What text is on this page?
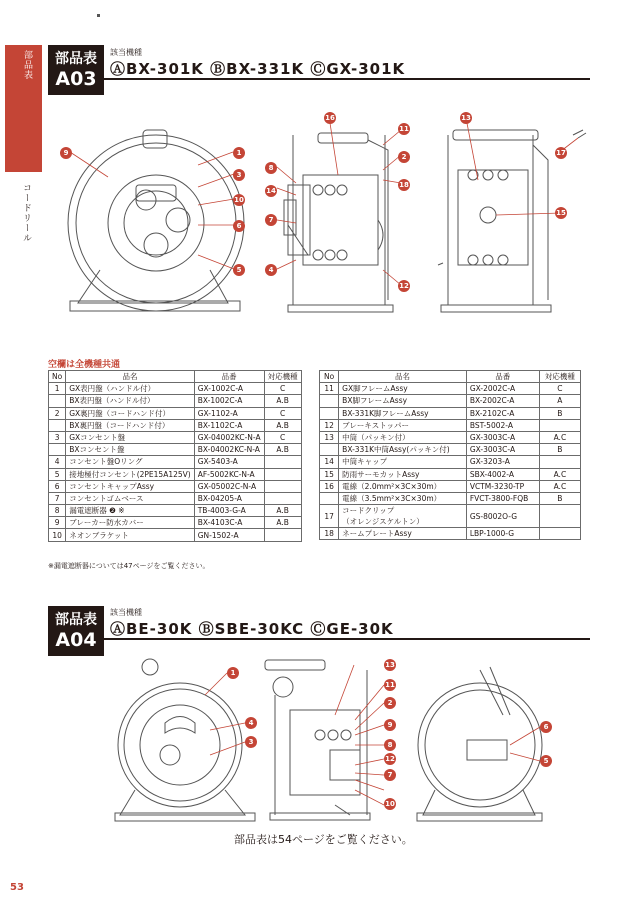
部品表
コードリール
部品表
A03
該当機種
ⒶBX-301K ⒷBX-331K ⒸGX-301K
9	1
3
10
6
5
8
14
7
4
16
11
2
18
12
13
15
17
空欄は全機種共通
No	品名	品番	対応機種
1	GX表円盤（ハンドル付）	GX-1002C-A	C
	BX表円盤（ハンドル付）	BX-1002C-A	A.B
2	GX裏円盤（コードハンド付）	GX-1102-A	C
	BX裏円盤（コードハンド付）	BX-1102C-A	A.B
3	GXコンセント盤	GX-04002KC-N-A	C
	BXコンセント盤	BX-04002KC-N-A	A.B
4	コンセント盤Oリング	GX-5403-A	
5	接地極付コンセント(2PE15A125V)	AF-5002KC-N-A	
6	コンセントキャップAssy	GX-05002C-N-A	
7	コンセントゴムベース	BX-04205-A	
8	漏電遮断器 ❷ ※	TB-4003-G-A	A.B
9	ブレーカー防水カバー	BX-4103C-A	A.B
10	ネオンブラケット	GN-1502-A	
No	品名	品番	対応機種
11	GX脚フレームAssy	GX-2002C-A	C
	BX脚フレームAssy	BX-2002C-A	A
	BX-331K脚フレームAssy	BX-2102C-A	B
12	ブレーキストッパー	BST-5002-A	
13	中筒（パッキン付）	GX-3003C-A	A.C
	BX-331K中筒Assy(パッキン付)	GX-3003C-A	B
14	中筒キャップ	GX-3203-A	
15	防雨サーモカットAssy	SBX-4002-A	A.C
16	電線（2.0mm²×3C×30m）	VCTM-3230-TP	A.C
	電線（3.5mm²×3C×30m）	FVCT-3800-FQB	B
17	コードクリップ
（オレンジスケルトン）	GS-8002O-G	
18	ネームプレートAssy	LBP-1000-G	
※漏電遮断器については47ページをご覧ください。
部品表
A04
該当機種
ⒶBE-30K ⒷSBE-30KC ⒸGE-30K
1
4
3
13
11
2
9
8
12
7
10
6
5
部品表は54ページをご覧ください。
53
